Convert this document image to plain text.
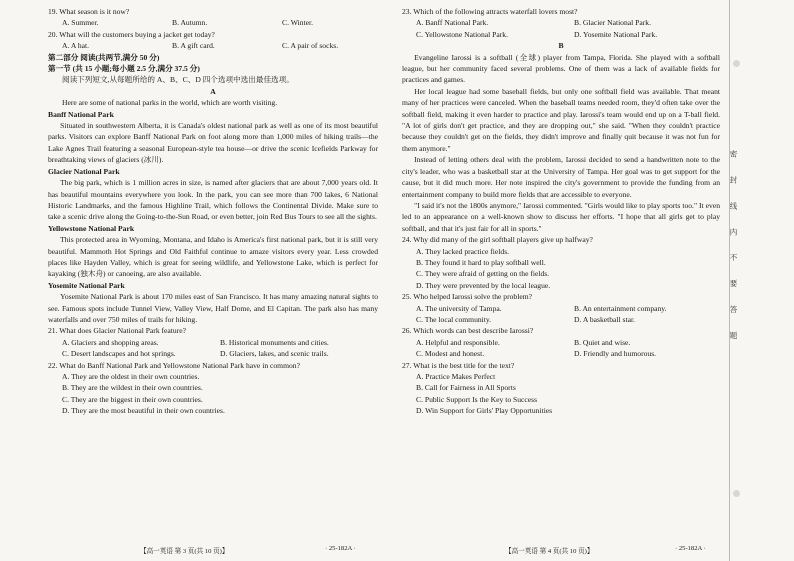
19. What season is it now?
A. Summer.	B. Autumn.	C. Winter.
20. What will the customers buying a jacket get today?
A. A hat.	B. A gift card.	C. A pair of socks.
第二部分 阅读(共两节,满分 50 分)
第一节 (共 15 小题;每小题 2.5 分,满分 37.5 分)
阅读下列短文,从每题所给的 A、B、C、D 四个选项中选出最佳选项。
A
Here are some of national parks in the world, which are worth visiting.
Banff National Park
Situated in southwestern Alberta, it is Canada's oldest national park as well as one of its most beautiful parks. Visitors can explore Banff National Park on foot along more than 1,000 miles of hiking trails—the Lake Agnes Trail featuring a seasonal European-style tea house—or drive the scenic Icefields Parkway for breathtaking views of glaciers (冰川).
Glacier National Park
The big park, which is 1 million acres in size, is named after glaciers that are about 7,000 years old. It has beautiful mountains everywhere you look. In the park, you can see more than 700 lakes, 6 National Historic Landmarks, and the famous Highline Trail, which follows the Continental Divide. Make sure to take a scenic drive along the Going-to-the-Sun Road, or even better, join Red Bus Tours to see all the sights.
Yellowstone National Park
This protected area in Wyoming, Montana, and Idaho is America's first national park, but it is still very beautiful. Mammoth Hot Springs and Old Faithful continue to amaze visitors every year. Less crowded places like Hayden Valley, which is great for seeing wildlife, and Yellowstone Lake, which is perfect for kayaking (独木舟) or canoeing, are also available.
Yosemite National Park
Yosemite National Park is about 170 miles east of San Francisco. It has many amazing natural sights to see. Famous spots include Tunnel View, Valley View, Half Dome, and El Capitan. The park also has many waterfalls and over 750 miles of trails for hiking.
21. What does Glacier National Park feature?
A. Glaciers and shopping areas.	B. Historical monuments and cities.
C. Desert landscapes and hot springs.	D. Glaciers, lakes, and scenic trails.
22. What do Banff National Park and Yellowstone National Park have in common?
A. They are the oldest in their own countries.
B. They are the wildest in their own countries.
C. They are the biggest in their own countries.
D. They are the most beautiful in their own countries.
【高一英语 第 3 页(共 10 页)】	· 25-182A ·
23. Which of the following attracts waterfall lovers most?
A. Banff National Park.	B. Glacier National Park.
C. Yellowstone National Park.	D. Yosemite National Park.
B
Evangeline Iarossi is a softball (全球) player from Tampa, Florida. She played with a softball league, but her community faced several problems. One of them was a lack of available fields for practices and games.
Her local league had some baseball fields, but only one softball field was available. That meant many of her practices were canceled. When the baseball teams needed room, they'd often take over the softball field, making it even harder to practice and play. Iarossi's team would end up on a T-ball field. "A lot of girls don't get practice, and they are dropping out," she said. "When they couldn't practice because they couldn't get on the fields, they didn't improve and finally quit because it was not fun for them anymore."
Instead of letting others deal with the problem, Iarossi decided to send a handwritten note to the city's leader, who was a basketball star at the University of Tampa. Her goal was to get support for the cause, but it did much more. Her note inspired the city's government to provide the funding from an entertainment company to build more fields that are accessible to everyone.
"I said it's not the 1800s anymore," Iarossi commented. "Girls would like to play sports too." It even led to an appearance on a well-known show to discuss her efforts. "I hope that all girls get to play softball, and that it's just fair for all in sports."
24. Why did many of the girl softball players give up halfway?
A. They lacked practice fields.
B. They found it hard to play softball well.
C. They were afraid of getting on the fields.
D. They were prevented by the local league.
25. Who helped Iarossi solve the problem?
A. The university of Tampa.	B. An entertainment company.
C. The local community.	D. A basketball star.
26. Which words can best describe Iarossi?
A. Helpful and responsible.	B. Quiet and wise.
C. Modest and honest.	D. Friendly and humorous.
27. What is the best title for the text?
A. Practice Makes Perfect
B. Call for Fairness in All Sports
C. Public Support Is the Key to Success
D. Win Support for Girls' Play Opportunities
【高一英语 第 4 页(共 10 页)】	· 25-182A ·
密 封 线 内 不 要 答 题
